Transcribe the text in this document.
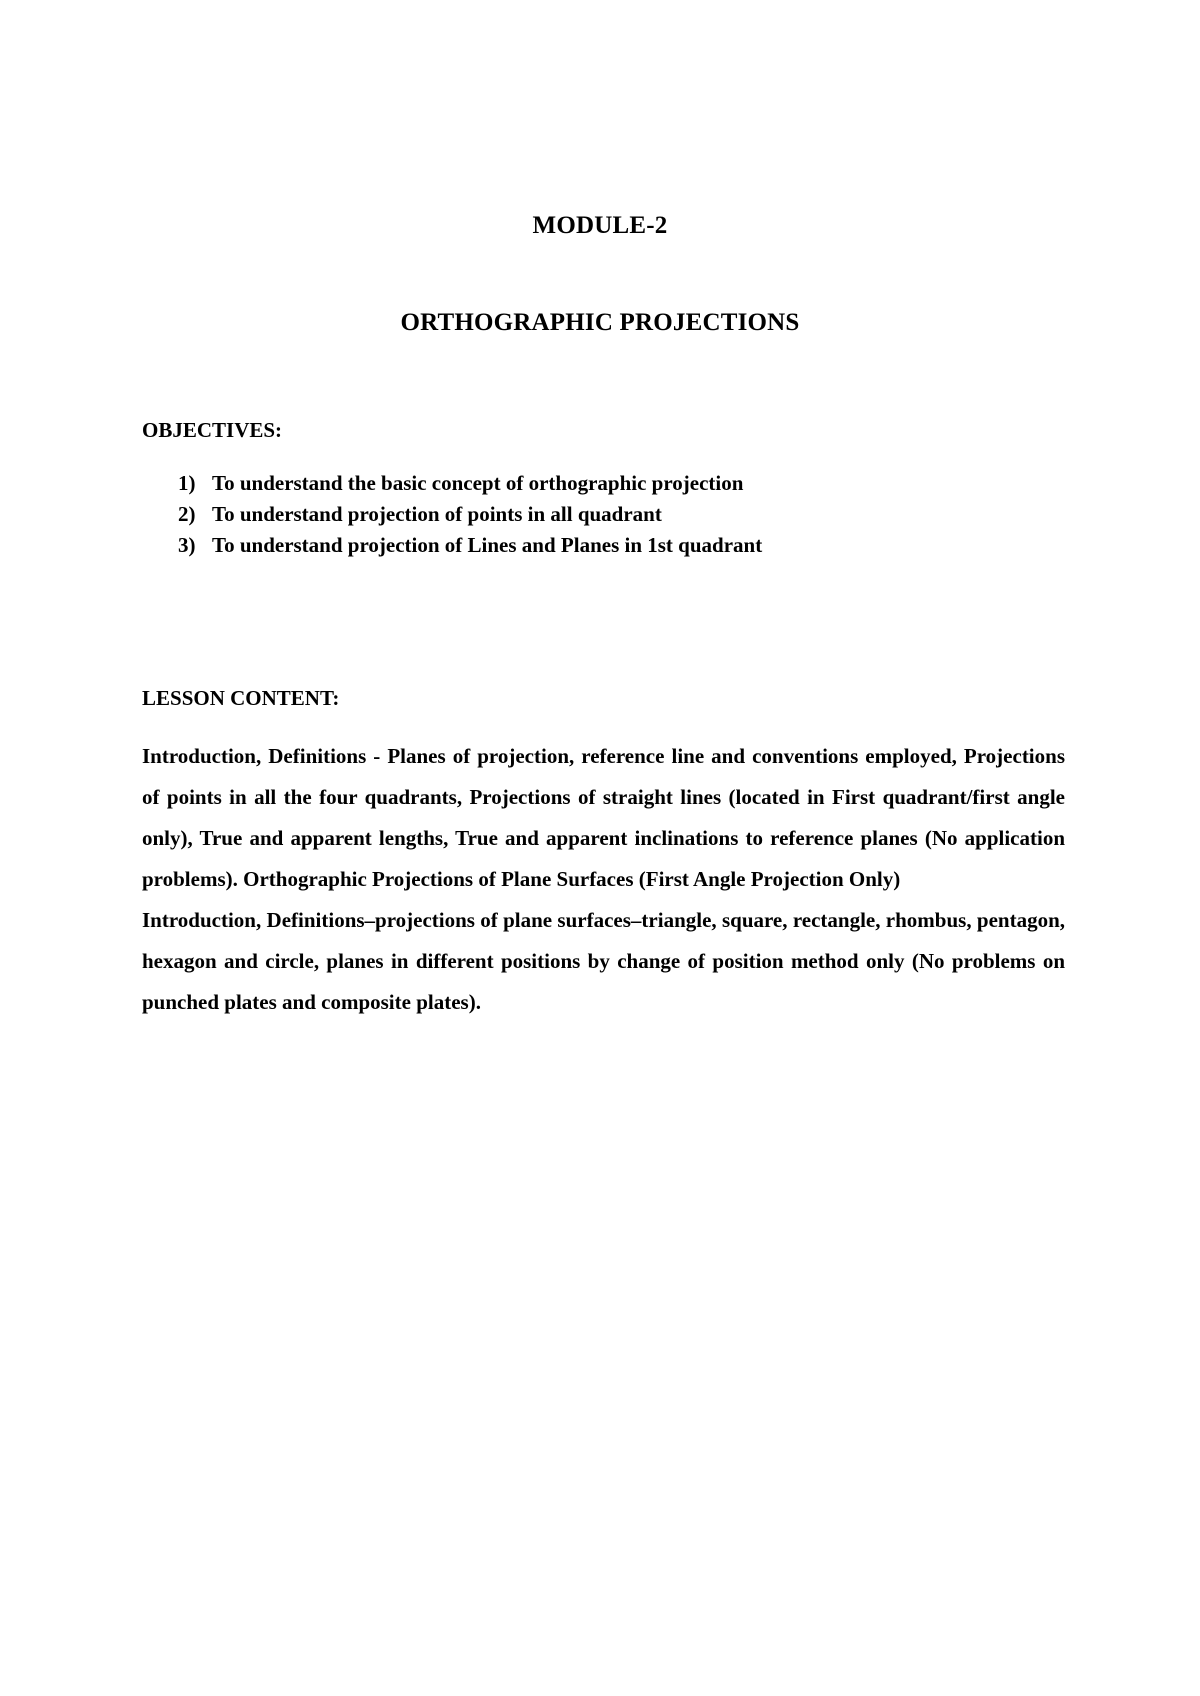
MODULE-2
ORTHOGRAPHIC PROJECTIONS
OBJECTIVES:
1) To understand the basic concept of orthographic projection
2) To understand projection of points in all quadrant
3) To understand projection of Lines and Planes in 1st quadrant
LESSON CONTENT:

Introduction, Definitions - Planes of projection, reference line and conventions employed, Projections of points in all the four quadrants, Projections of straight lines (located in First quadrant/first angle only), True and apparent lengths, True and apparent inclinations to reference planes (No application problems). Orthographic Projections of Plane Surfaces (First Angle Projection Only)

Introduction, Definitions–projections of plane surfaces–triangle, square, rectangle, rhombus, pentagon, hexagon and circle, planes in different positions by change of position method only (No problems on punched plates and composite plates).
